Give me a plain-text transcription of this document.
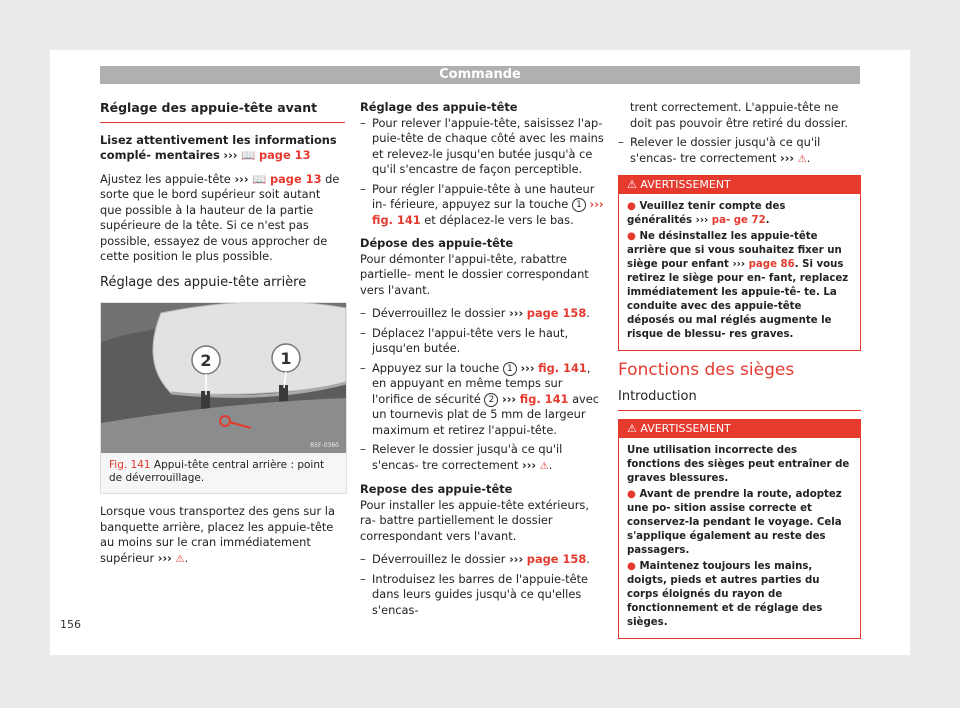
Commande
Réglage des appuie-tête avant

Lisez attentivement les informations complé- mentaires ››› 📖 page 13

Ajustez les appuie-tête ››› 📖 page 13 de sorte que le bord supérieur soit autant que possible à la hauteur de la partie supérieure de la tête. Si ce n'est pas possible, essayez de vous approcher de cette position le plus possible.

Réglage des appuie-tête arrière
2	1
B5F-0360
Fig. 141 Appui-tête central arrière : point de déverrouillage.

Lorsque vous transportez des gens sur la banquette arrière, placez les appuie-tête au moins sur le cran immédiatement supérieur ››› ⚠.

Réglage des appuie-tête
– Pour relever l'appuie-tête, saisissez l'ap- puie-tête de chaque côté avec les mains et relevez-le jusqu'en butée jusqu'à ce qu'il s'encastre de façon perceptible.
– Pour régler l'appuie-tête à une hauteur in- férieure, appuyez sur la touche 1 ››› fig. 141 et déplacez-le vers le bas.
Dépose des appuie-tête

Pour démonter l'appui-tête, rabattre partielle- ment le dossier correspondant vers l'avant.

– Déverrouillez le dossier ››› page 158.
– Déplacez l'appui-tête vers le haut, jusqu'en butée.
– Appuyez sur la touche 1 ››› fig. 141, en appuyant en même temps sur l'orifice de sécurité 2 ››› fig. 141 avec un tournevis plat de 5 mm de largeur maximum et retirez l'appui-tête.
– Relever le dossier jusqu'à ce qu'il s'encas- tre correctement ››› ⚠.
Repose des appuie-tête

Pour installer les appuie-tête extérieurs, ra- battre partiellement le dossier correspondant vers l'avant.

– Déverrouillez le dossier ››› page 158.
– Introduisez les barres de l'appuie-tête dans leurs guides jusqu'à ce qu'elles s'encas-
trent correctement. L'appuie-tête ne doit pas pouvoir être retiré du dossier.
– Relever le dossier jusqu'à ce qu'il s'encas- tre correctement ››› ⚠.
⚠ AVERTISSEMENT

● Veuillez tenir compte des généralités ››› pa- ge 72.

● Ne désinstallez les appuie-tête arrière que si vous souhaitez fixer un siège pour enfant ››› page 86. Si vous retirez le siège pour en- fant, replacez immédiatement les appuie-tê- te. La conduite avec des appuie-tête déposés ou mal réglés augmente le risque de blessu- res graves.

Fonctions des sièges
Introduction
⚠ AVERTISSEMENT

Une utilisation incorrecte des fonctions des sièges peut entraîner de graves blessures.

● Avant de prendre la route, adoptez une po- sition assise correcte et conservez-la pendant le voyage. Cela s'applique également au reste des passagers.

● Maintenez toujours les mains, doigts, pieds et autres parties du corps éloignés du rayon de fonctionnement et de réglage des sièges.

156
